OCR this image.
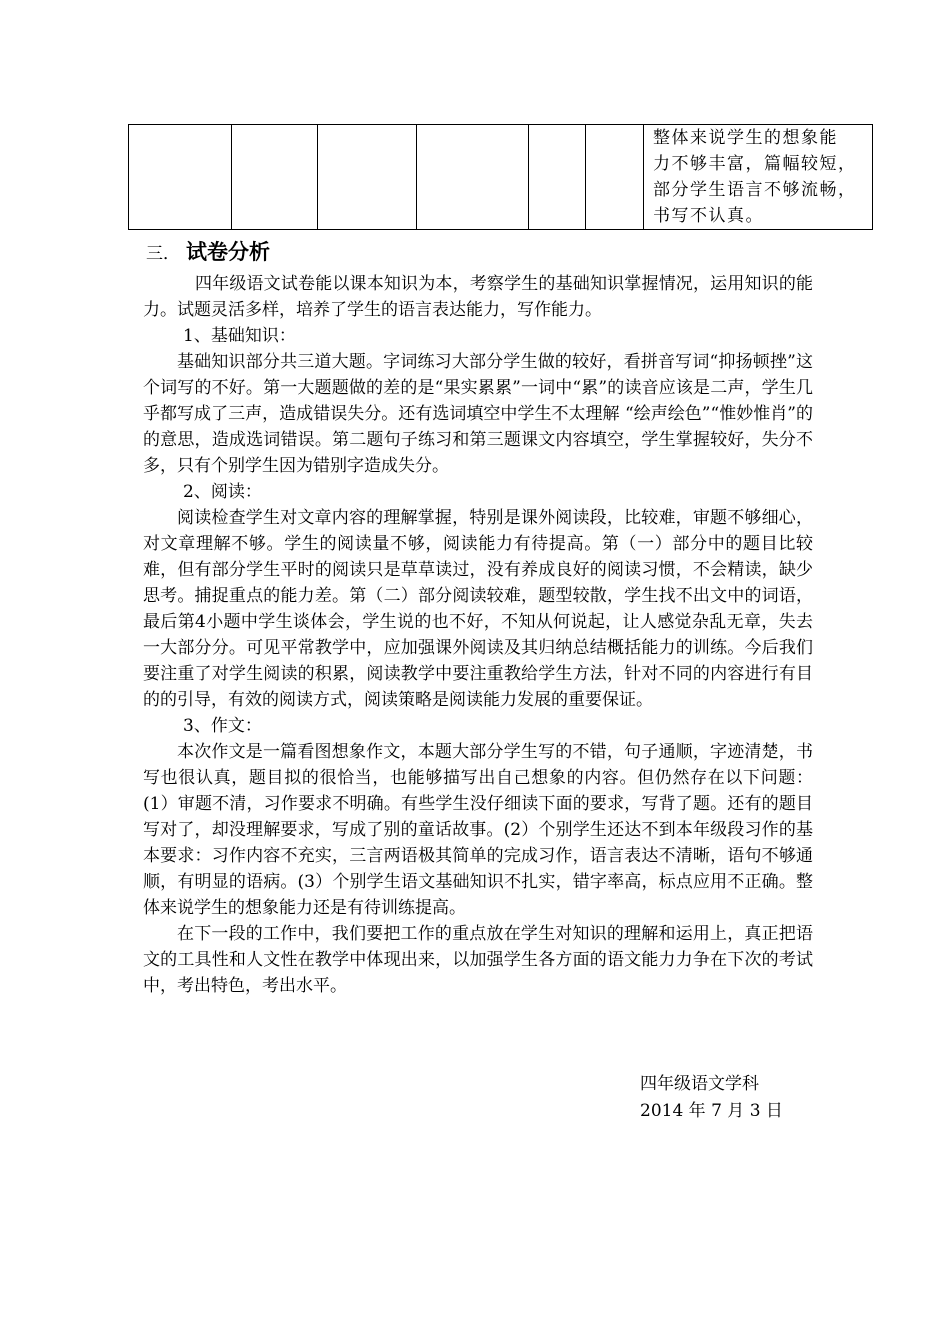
						整体来说学生的想象能
力不够丰富，篇幅较短，
部分学生语言不够流畅，
书写不认真。
三． 试卷分析

四年级语文试卷能以课本知识为本，考察学生的基础知识掌握情况，运用知识的能力。试题灵活多样，培养了学生的语言表达能力，写作能力。

1、基础知识：

基础知识部分共三道大题。字词练习大部分学生做的较好，看拼音写词“抑扬顿挫”这个词写的不好。第一大题题做的差的是“果实累累”一词中“累”的读音应该是二声，学生几乎都写成了三声，造成错误失分。还有选词填空中学生不太理解 “绘声绘色”“惟妙惟肖”的的意思，造成选词错误。第二题句子练习和第三题课文内容填空，学生掌握较好，失分不多，只有个别学生因为错别字造成失分。

2、阅读：

阅读检查学生对文章内容的理解掌握，特别是课外阅读段，比较难，审题不够细心，对文章理解不够。学生的阅读量不够，阅读能力有待提高。第（一）部分中的题目比较难，但有部分学生平时的阅读只是草草读过，没有养成良好的阅读习惯，不会精读，缺少思考。捕捉重点的能力差。第（二）部分阅读较难，题型较散，学生找不出文中的词语，最后第4小题中学生谈体会，学生说的也不好，不知从何说起，让人感觉杂乱无章，失去一大部分分。可见平常教学中，应加强课外阅读及其归纳总结概括能力的训练。今后我们要注重了对学生阅读的积累，阅读教学中要注重教给学生方法，针对不同的内容进行有目的的引导，有效的阅读方式，阅读策略是阅读能力发展的重要保证。

3、作文：

本次作文是一篇看图想象作文，本题大部分学生写的不错，句子通顺，字迹清楚，书写也很认真，题目拟的很恰当，也能够描写出自己想象的内容。但仍然存在以下问题：(1）审题不清，习作要求不明确。有些学生没仔细读下面的要求，写背了题。还有的题目写对了，却没理解要求，写成了别的童话故事。(2）个别学生还达不到本年级段习作的基本要求：习作内容不充实，三言两语极其简单的完成习作，语言表达不清晰，语句不够通顺，有明显的语病。(3）个别学生语文基础知识不扎实，错字率高，标点应用不正确。整体来说学生的想象能力还是有待训练提高。

在下一段的工作中，我们要把工作的重点放在学生对知识的理解和运用上，真正把语文的工具性和人文性在教学中体现出来，以加强学生各方面的语文能力力争在下次的考试中，考出特色，考出水平。

四年级语文学科
2014 年 7 月 3 日
